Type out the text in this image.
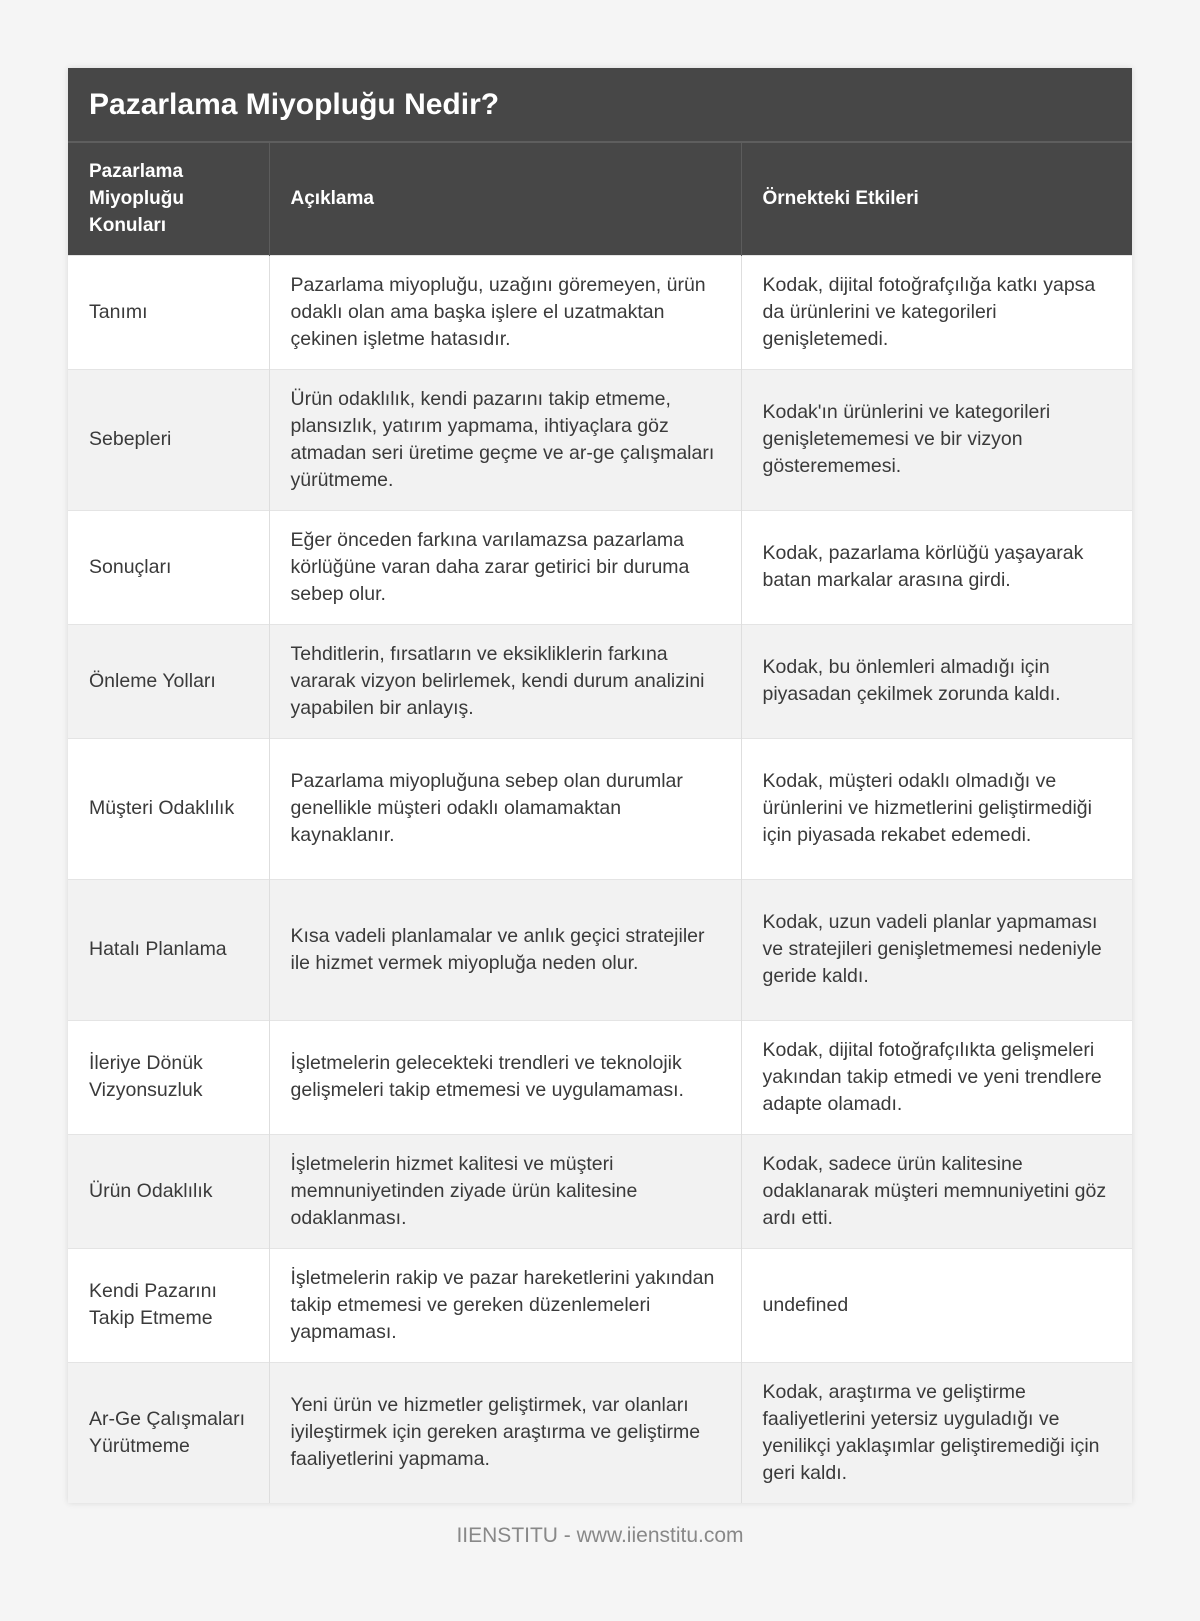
Pazarlama Miyopluğu Nedir?
Pazarlama Miyopluğu Konuları	Açıklama	Örnekteki Etkileri
Tanımı	Pazarlama miyopluğu, uzağını göremeyen, ürün odaklı olan ama başka işlere el uzatmaktan çekinen işletme hatasıdır.	Kodak, dijital fotoğrafçılığa katkı yapsa da ürünlerini ve kategorileri genişletemedi.
Sebepleri	Ürün odaklılık, kendi pazarını takip etmeme, plansızlık, yatırım yapmama, ihtiyaçlara göz atmadan seri üretime geçme ve ar-ge çalışmaları yürütmeme.	Kodak'ın ürünlerini ve kategorileri genişletememesi ve bir vizyon gösterememesi.
Sonuçları	Eğer önceden farkına varılamazsa pazarlama körlüğüne varan daha zarar getirici bir duruma sebep olur.	Kodak, pazarlama körlüğü yaşayarak batan markalar arasına girdi.
Önleme Yolları	Tehditlerin, fırsatların ve eksikliklerin farkına vararak vizyon belirlemek, kendi durum analizini yapabilen bir anlayış.	Kodak, bu önlemleri almadığı için piyasadan çekilmek zorunda kaldı.
Müşteri Odaklılık	Pazarlama miyopluğuna sebep olan durumlar genellikle müşteri odaklı olamamaktan kaynaklanır.	Kodak, müşteri odaklı olmadığı ve ürünlerini ve hizmetlerini geliştirmediği için piyasada rekabet edemedi.
Hatalı Planlama	Kısa vadeli planlamalar ve anlık geçici stratejiler ile hizmet vermek miyopluğa neden olur.	Kodak, uzun vadeli planlar yapmaması ve stratejileri genişletmemesi nedeniyle geride kaldı.
İleriye Dönük Vizyonsuzluk	İşletmelerin gelecekteki trendleri ve teknolojik gelişmeleri takip etmemesi ve uygulamaması.	Kodak, dijital fotoğrafçılıkta gelişmeleri yakından takip etmedi ve yeni trendlere adapte olamadı.
Ürün Odaklılık	İşletmelerin hizmet kalitesi ve müşteri memnuniyetinden ziyade ürün kalitesine odaklanması.	Kodak, sadece ürün kalitesine odaklanarak müşteri memnuniyetini göz ardı etti.
Kendi Pazarını Takip Etmeme	İşletmelerin rakip ve pazar hareketlerini yakından takip etmemesi ve gereken düzenlemeleri yapmaması.	undefined
Ar-Ge Çalışmaları Yürütmeme	Yeni ürün ve hizmetler geliştirmek, var olanları iyileştirmek için gereken araştırma ve geliştirme faaliyetlerini yapmama.	Kodak, araştırma ve geliştirme faaliyetlerini yetersiz uyguladığı ve yenilikçi yaklaşımlar geliştiremediği için geri kaldı.
IIENSTITU - www.iienstitu.com
